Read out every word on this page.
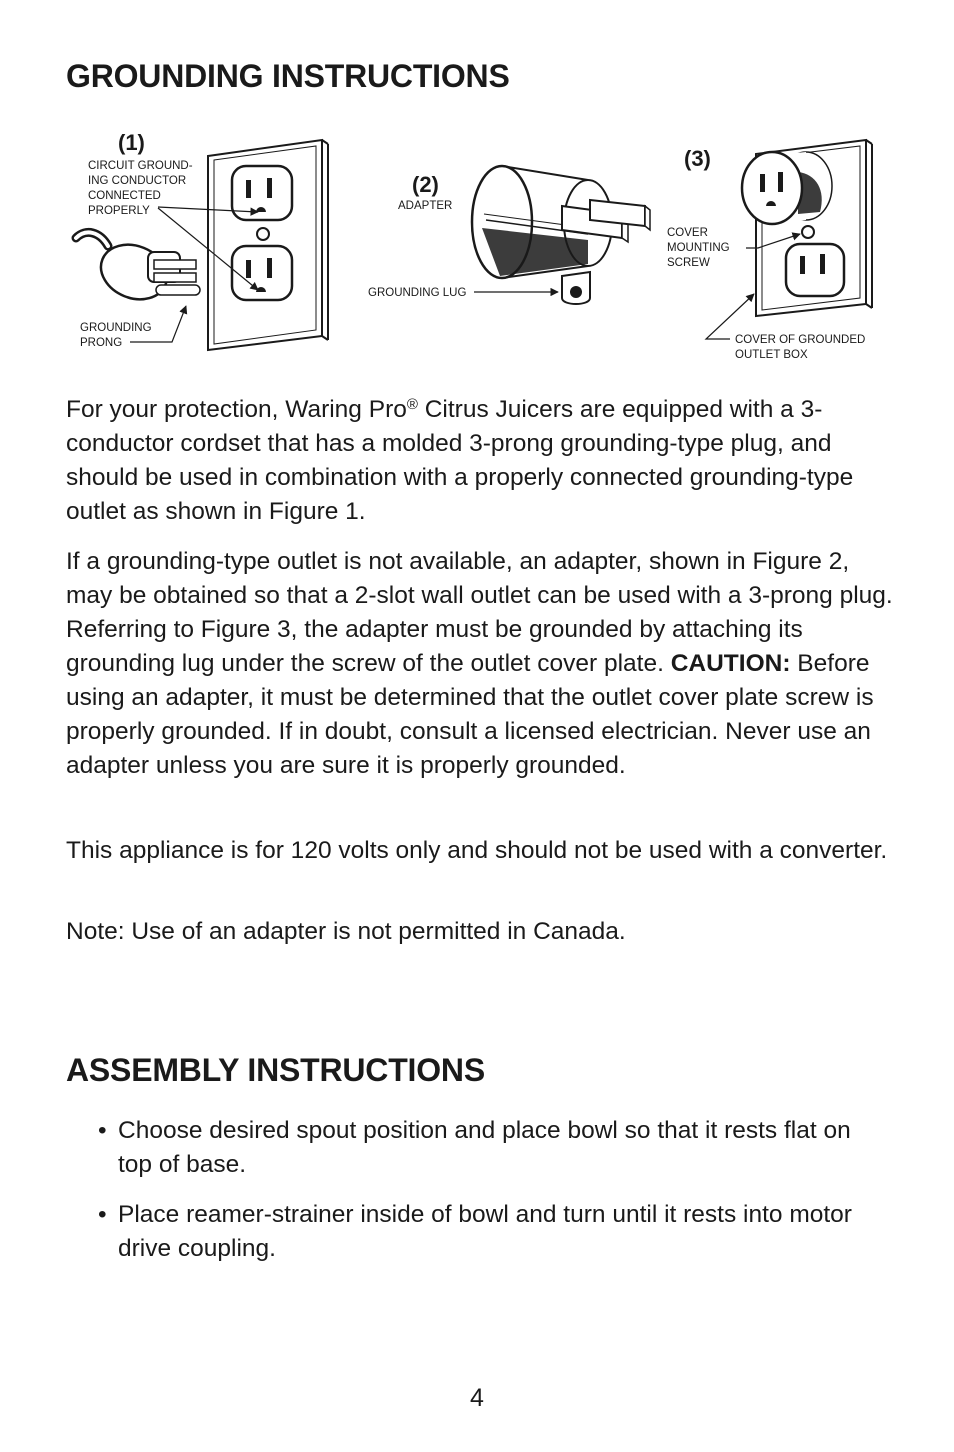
GROUNDING INSTRUCTIONS
(1)
CIRCUIT GROUND-
ING CONDUCTOR
CONNECTED
PROPERLY
GROUNDING
PRONG
(2)
ADAPTER
GROUNDING LUG
(3)
COVER
MOUNTING
SCREW
COVER OF GROUNDED
OUTLET BOX

For your protection, Waring Pro® Citrus Juicers are equipped with a 3-conductor cordset that has a molded 3-prong grounding-type plug, and should be used in combination with a properly connected grounding-type outlet as shown in Figure 1.

If a grounding-type outlet is not available, an adapter, shown in Figure 2, may be obtained so that a 2-slot wall outlet can be used with a 3-prong plug. Referring to Figure 3, the adapter must be grounded by attaching its grounding lug under the screw of the outlet cover plate. CAUTION: Before using an adapter, it must be determined that the outlet cover plate screw is properly grounded. If in doubt, consult a licensed electrician. Never use an adapter unless you are sure it is properly grounded.

This appliance is for 120 volts only and should not be used with a converter.

Note: Use of an adapter is not permitted in Canada.

ASSEMBLY INSTRUCTIONS
• Choose desired spout position and place bowl so that it rests flat on top of base.
• Place reamer-strainer inside of bowl and turn until it rests into motor drive coupling.
4
